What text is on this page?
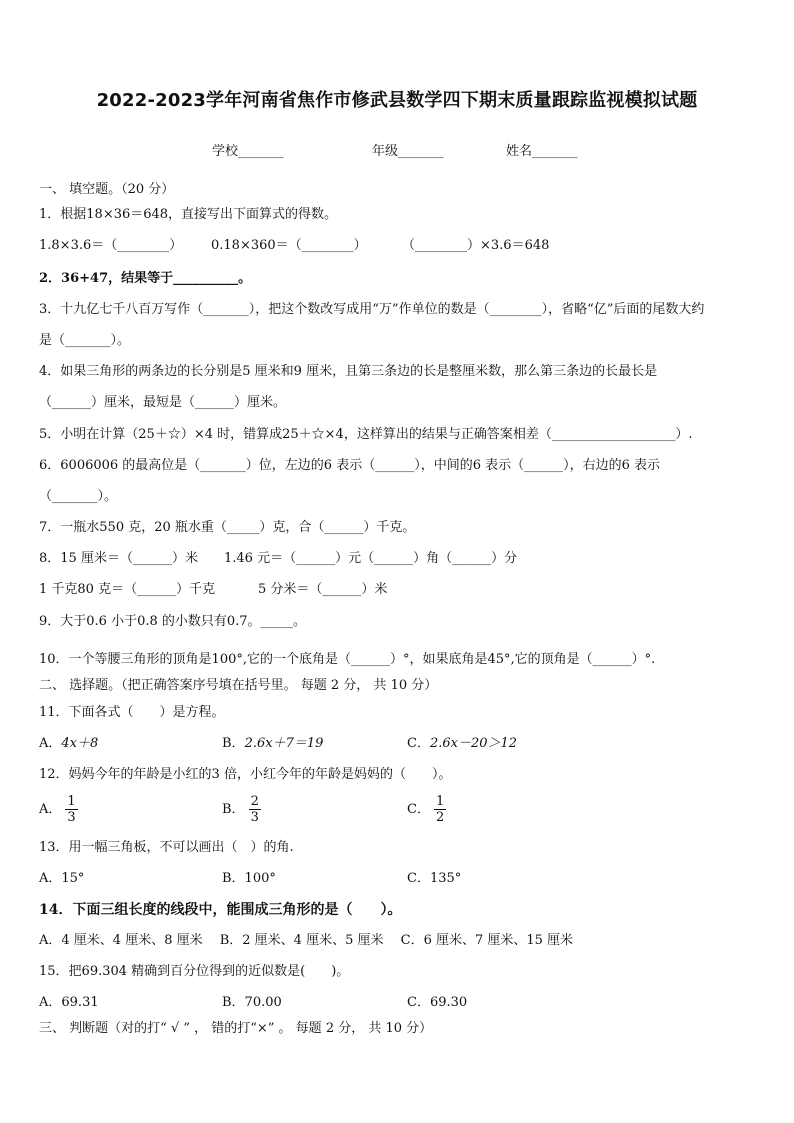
2022-2023学年河南省焦作市修武县数学四下期末质量跟踪监视模拟试题
学校_______	年级_______	姓名_______
一、 填空题。（20 分）
1．根据18×36＝648，直接写出下面算式的得数。
1.8×3.6＝（________） 0.18×360＝（________）	（________）×3.6＝648
2．36+47，结果等于__________。
3．十九亿七千八百万写作（_______），把这个数改写成用“万”作单位的数是（________），省略“亿”后面的尾数大约
是（_______）。
4．如果三角形的两条边的长分别是5 厘米和9 厘米，且第三条边的长是整厘米数，那么第三条边的长最长是
（______）厘米，最短是（______）厘米。
5．小明在计算（25＋☆）×4 时，错算成25＋☆×4，这样算出的结果与正确答案相差（___________________）.
6．6006006 的最高位是（_______）位，左边的6 表示（______），中间的6 表示（______），右边的6 表示
（_______）。
7．一瓶水550 克，20 瓶水重（_____）克，合（______）千克。
8．15 厘米＝（______）米 1.46 元＝（______）元（______）角（______）分
1 千克80 克＝（______）千克	5 分米＝（______）米
9．大于0.6 小于0.8 的小数只有0.7。_____。
10．一个等腰三角形的顶角是100°,它的一个底角是（______）°，如果底角是45°,它的顶角是（______）°.
二、 选择题。（把正确答案序号填在括号里。 每题 2 分， 共 10 分）
11．下面各式（　　）是方程。
A．4x＋8	B．2.6x＋7＝19	C．2.6x－20＞12
12．妈妈今年的年龄是小红的3 倍，小红今年的年龄是妈妈的（　　）。
A． $\frac{1}{3}$	B． $\frac{2}{3}$	C． $\frac{1}{2}$
13．用一幅三角板，不可以画出（　）的角.
A．15°	B．100°	C．135°
14．下面三组长度的线段中，能围成三角形的是（　　）。
A．4 厘米、4 厘米、8 厘米　 B．2 厘米、4 厘米、5 厘米　 C．6 厘米、7 厘米、15 厘米
15．把69.304 精确到百分位得到的近似数是(　　)。
A．69.31	B．70.00	C．69.30
三、 判断题（对的打“ √ ” ， 错的打“×” 。 每题 2 分， 共 10 分）
